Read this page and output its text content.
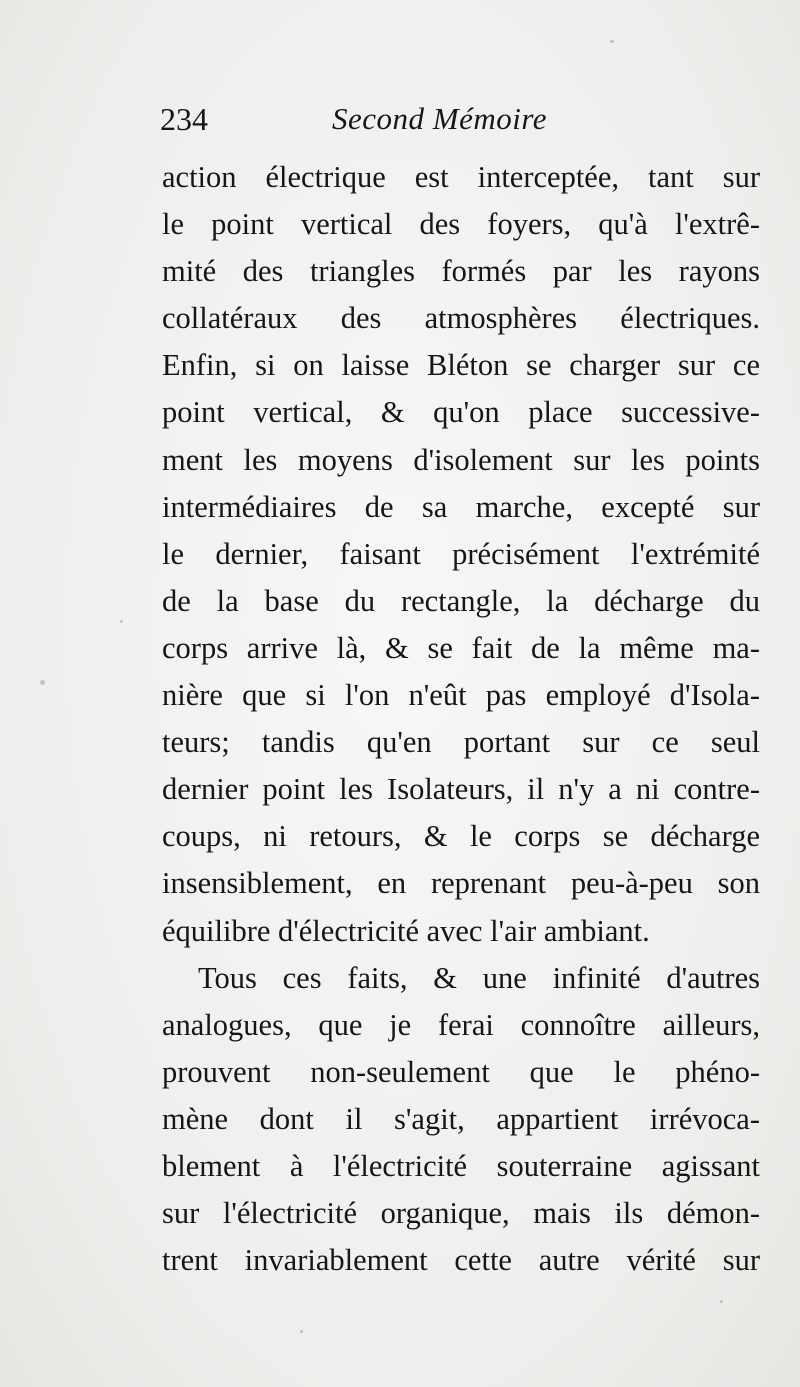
234	Second Mémoire
action électrique est interceptée, tant sur
le point vertical des foyers, qu'à l'extrê-
mité des triangles formés par les rayons
collatéraux des atmosphères électriques.
Enfin, si on laisse Bléton se charger sur ce
point vertical, & qu'on place successive-
ment les moyens d'isolement sur les points
intermédiaires de sa marche, excepté sur
le dernier, faisant précisément l'extrémité
de la base du rectangle, la décharge du
corps arrive là, & se fait de la même ma-
nière que si l'on n'eût pas employé d'Isola-
teurs; tandis qu'en portant sur ce seul
dernier point les Isolateurs, il n'y a ni contre-
coups, ni retours, & le corps se décharge
insensiblement, en reprenant peu-à-peu son
équilibre d'électricité avec l'air ambiant.
Tous ces faits, & une infinité d'autres
analogues, que je ferai connoître ailleurs,
prouvent non-seulement que le phéno-
mène dont il s'agit, appartient irrévoca-
blement à l'électricité souterraine agissant
sur l'électricité organique, mais ils démon-
trent invariablement cette autre vérité sur
